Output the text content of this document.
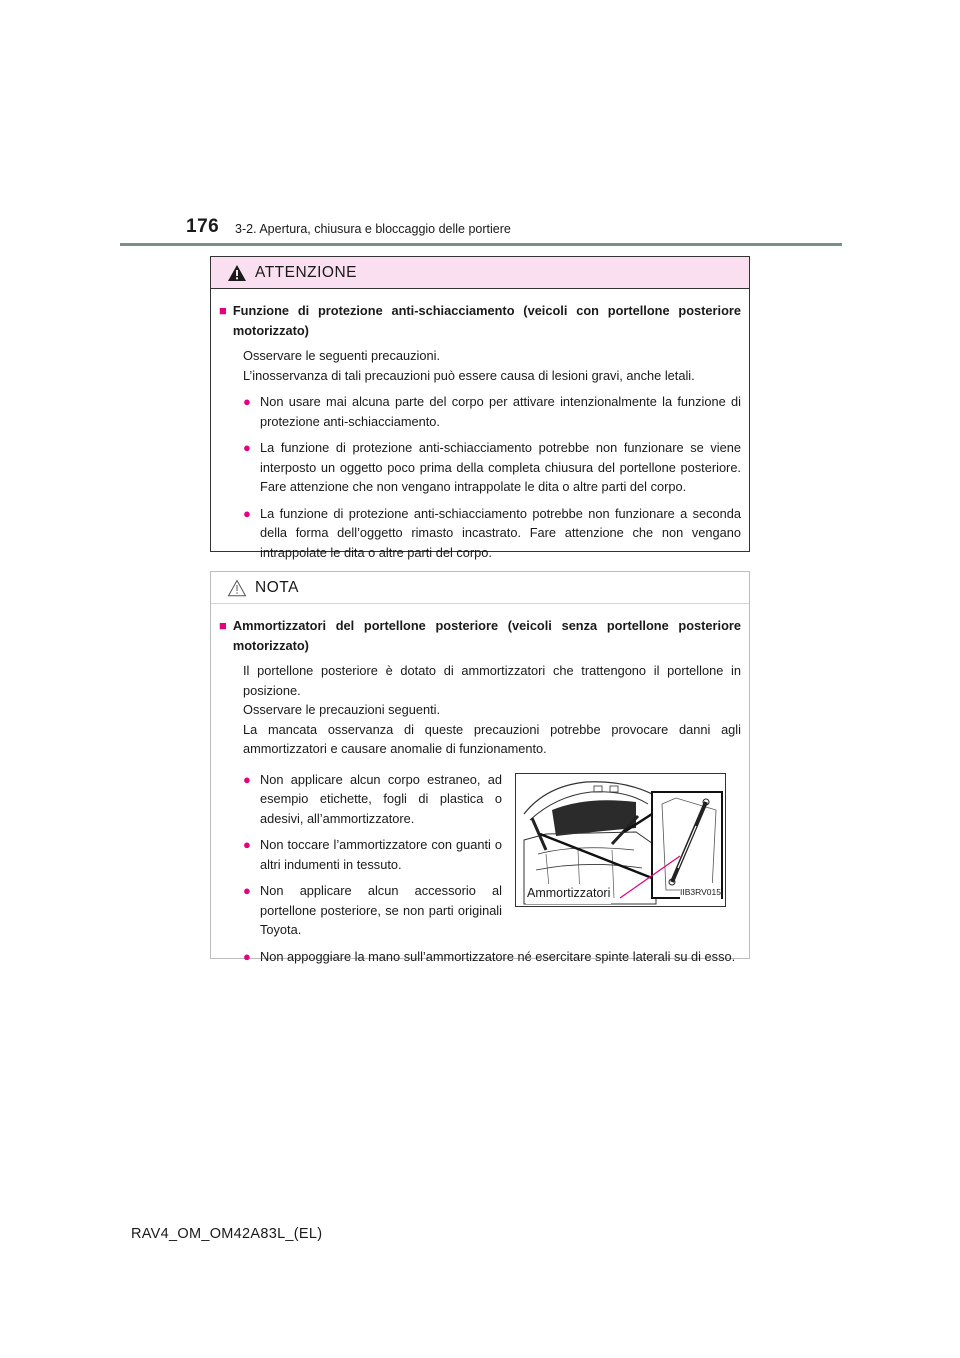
176 3-2. Apertura, chiusura e bloccaggio delle portiere
ATTENZIONE
■ Funzione di protezione anti-schiacciamento (veicoli con portellone posteriore motorizzato)
Osservare le seguenti precauzioni.
L’inosservanza di tali precauzioni può essere causa di lesioni gravi, anche letali.
● Non usare mai alcuna parte del corpo per attivare intenzionalmente la funzione di protezione anti-schiacciamento.
● La funzione di protezione anti-schiacciamento potrebbe non funzionare se viene interposto un oggetto poco prima della completa chiusura del portellone posteriore. Fare attenzione che non vengano intrappolate le dita o altre parti del corpo.
● La funzione di protezione anti-schiacciamento potrebbe non funzionare a seconda della forma dell’oggetto rimasto incastrato. Fare attenzione che non vengano intrappolate le dita o altre parti del corpo.
NOTA
■ Ammortizzatori del portellone posteriore (veicoli senza portellone posteriore motorizzato)
Il portellone posteriore è dotato di ammortizzatori che trattengono il portellone in posizione.
Osservare le precauzioni seguenti.
La mancata osservanza di queste precauzioni potrebbe provocare danni agli ammortizzatori e causare anomalie di funzionamento.
● Non applicare alcun corpo estraneo, ad esempio etichette, fogli di plastica o adesivi, all’ammortizzatore.
● Non toccare l’ammortizzatore con guanti o altri indumenti in tessuto.
● Non applicare alcun accessorio al portellone posteriore, se non parti originali Toyota.
Ammortizzatori	IIB3RV015
● Non appoggiare la mano sull’ammortizzatore né esercitare spinte laterali su di esso.
RAV4_OM_OM42A83L_(EL)
